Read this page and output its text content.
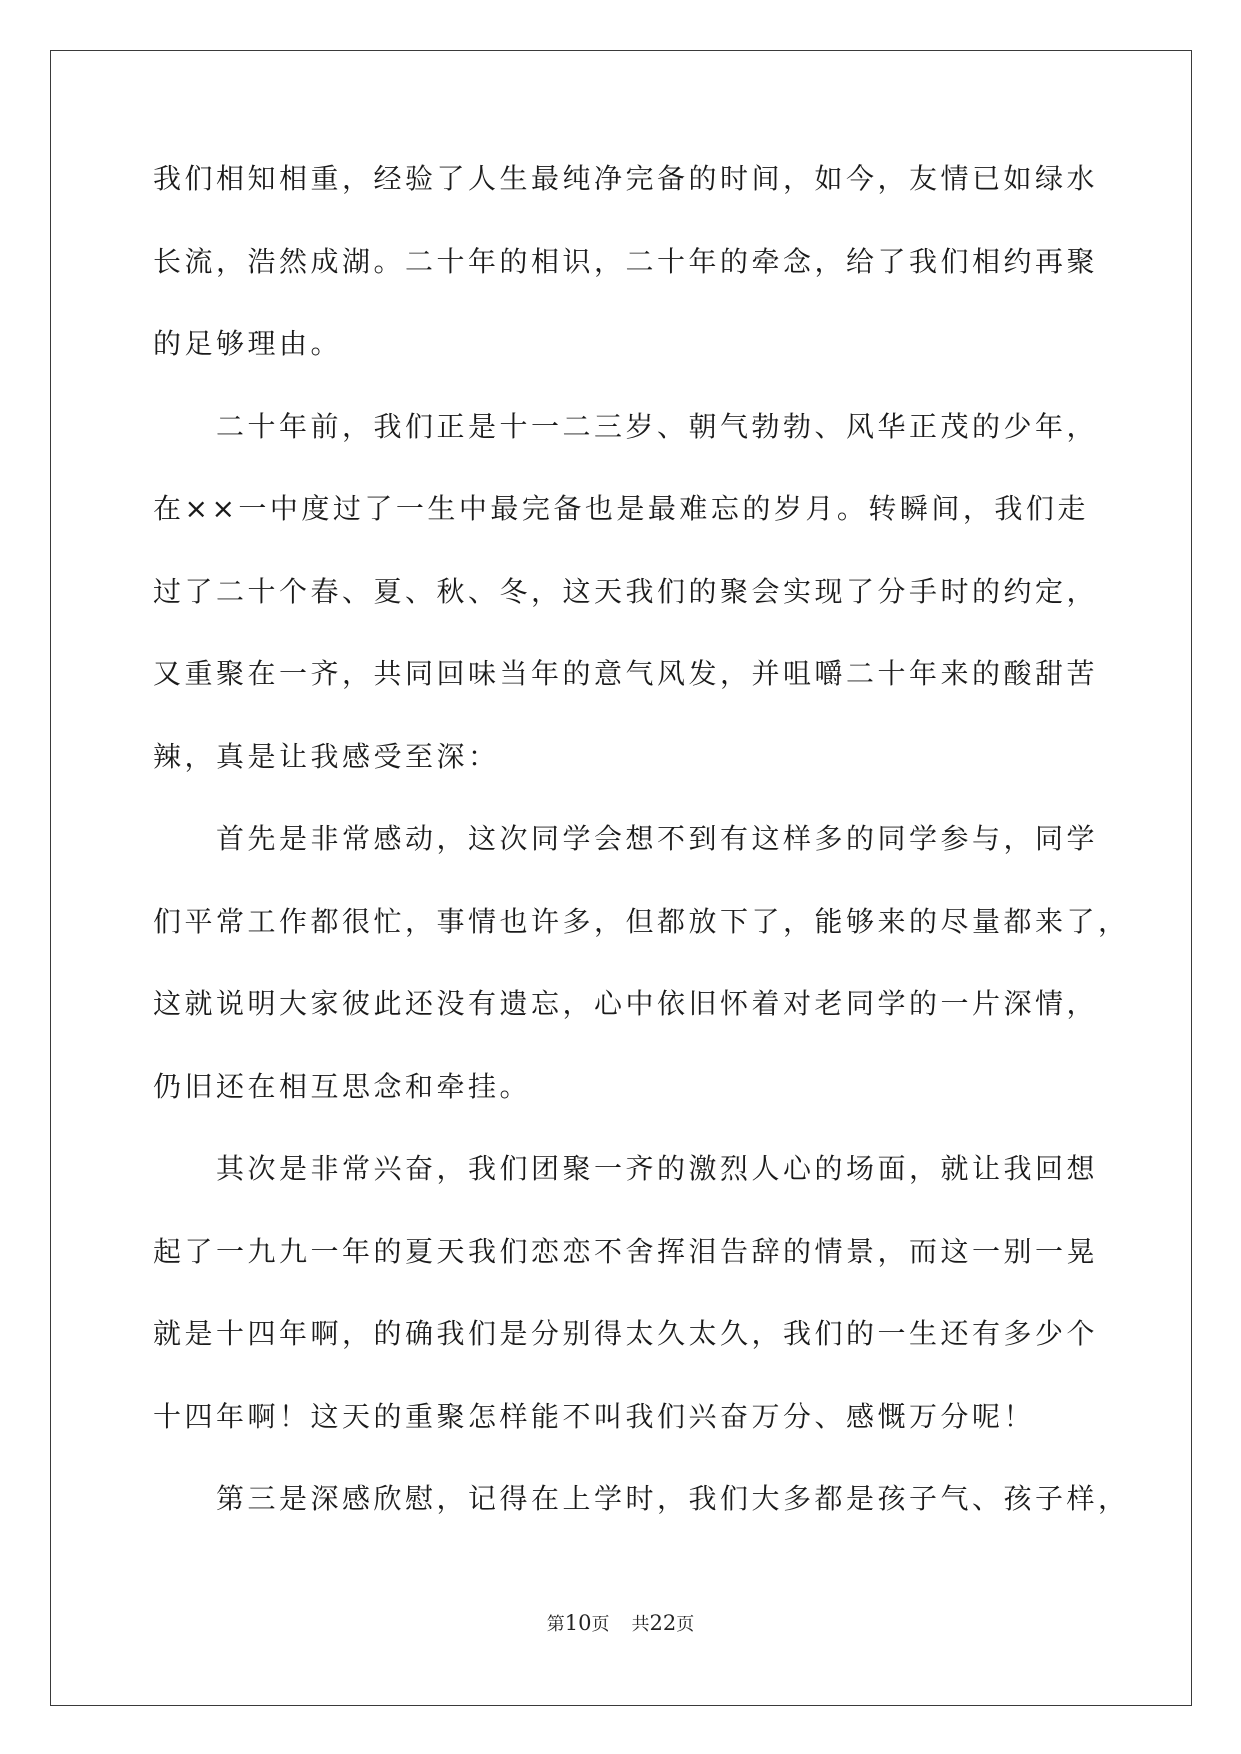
我们相知相重，经验了人生最纯净完备的时间，如今，友情已如绿水
长流，浩然成湖。二十年的相识，二十年的牵念，给了我们相约再聚
的足够理由。
二十年前，我们正是十一二三岁、朝气勃勃、风华正茂的少年，
在××一中度过了一生中最完备也是最难忘的岁月。转瞬间，我们走
过了二十个春、夏、秋、冬，这天我们的聚会实现了分手时的约定，
又重聚在一齐，共同回味当年的意气风发，并咀嚼二十年来的酸甜苦
辣，真是让我感受至深：
首先是非常感动，这次同学会想不到有这样多的同学参与，同学
们平常工作都很忙，事情也许多，但都放下了，能够来的尽量都来了，
这就说明大家彼此还没有遗忘，心中依旧怀着对老同学的一片深情，
仍旧还在相互思念和牵挂。
其次是非常兴奋，我们团聚一齐的激烈人心的场面，就让我回想
起了一九九一年的夏天我们恋恋不舍挥泪告辞的情景，而这一别一晃
就是十四年啊，的确我们是分别得太久太久，我们的一生还有多少个
十四年啊！这天的重聚怎样能不叫我们兴奋万分、感慨万分呢！
第三是深感欣慰，记得在上学时，我们大多都是孩子气、孩子样，
第10页 共22页
